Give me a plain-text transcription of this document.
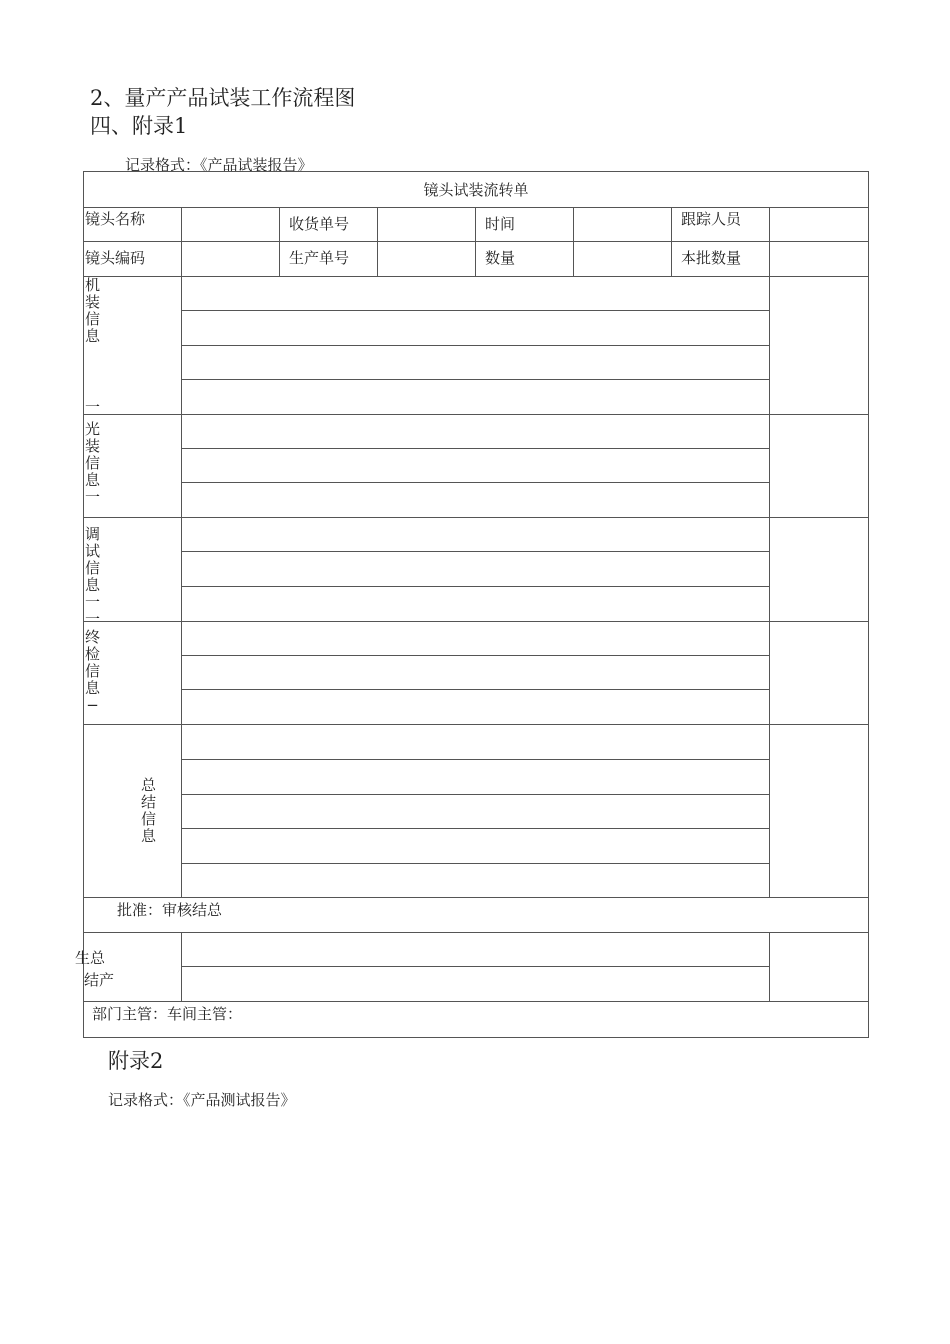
2、量产产品试装工作流程图
四、附录1
记录格式：《产品试装报告》
镜头试装流转单
镜头名称	收货单号	时间	跟踪人员
镜头编码	生产单号	数量	本批数量
机装信息
一
光装信息一
调试信息一一
终检信息−
总结信息
批准：审核结总
生总
结产
部门主管：车间主管：
附录2
记录格式：《产品测试报告》
